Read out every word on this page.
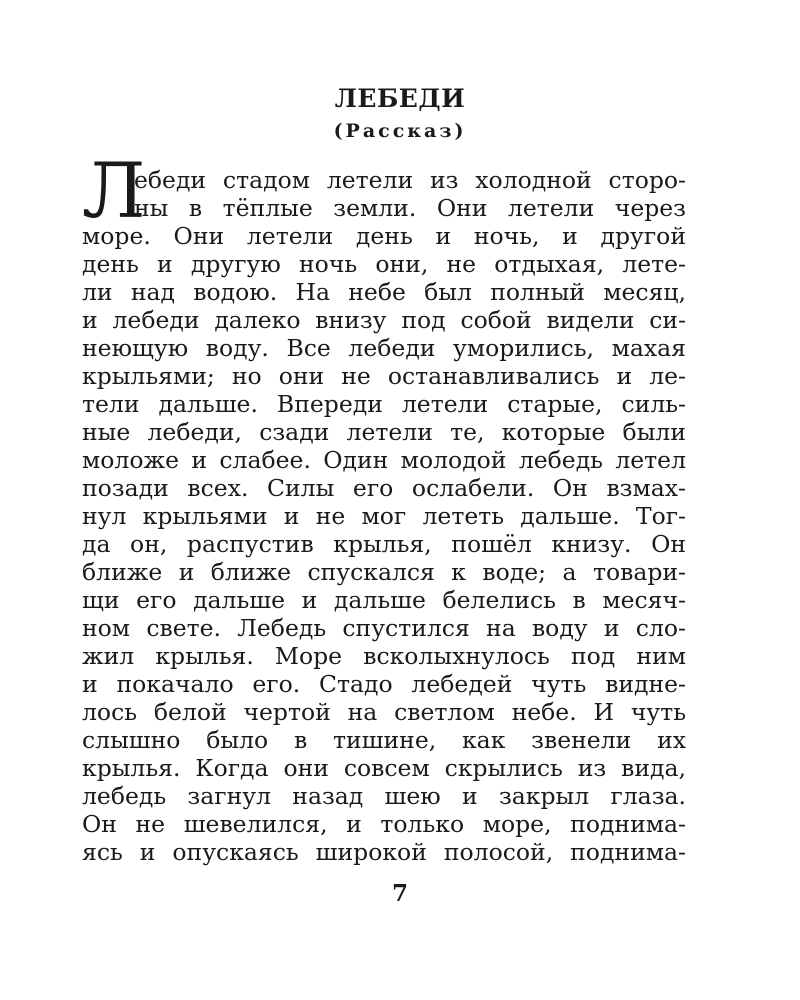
ЛЕБЕДИ
(Рассказ)
Л
ебеди стадом летели из холодной сторо-
ны в тёплые земли. Они летели через
море. Они летели день и ночь, и другой
день и другую ночь они, не отдыхая, лете-
ли над водою. На небе был полный месяц,
и лебеди далеко внизу под собой видели си-
неющую воду. Все лебеди уморились, махая
крыльями; но они не останавливались и ле-
тели дальше. Впереди летели старые, силь-
ные лебеди, сзади летели те, которые были
моложе и слабее. Один молодой лебедь летел
позади всех. Силы его ослабели. Он взмах-
нул крыльями и не мог лететь дальше. Тог-
да он, распустив крылья, пошёл книзу. Он
ближе и ближе спускался к воде; а товари-
щи его дальше и дальше белелись в месяч-
ном свете. Лебедь спустился на воду и сло-
жил крылья. Море всколыхнулось под ним
и покачало его. Стадо лебедей чуть видне-
лось белой чертой на светлом небе. И чуть
слышно было в тишине, как звенели их
крылья. Когда они совсем скрылись из вида,
лебедь загнул назад шею и закрыл глаза.
Он не шевелился, и только море, поднима-
ясь и опускаясь широкой полосой, поднима-
7
